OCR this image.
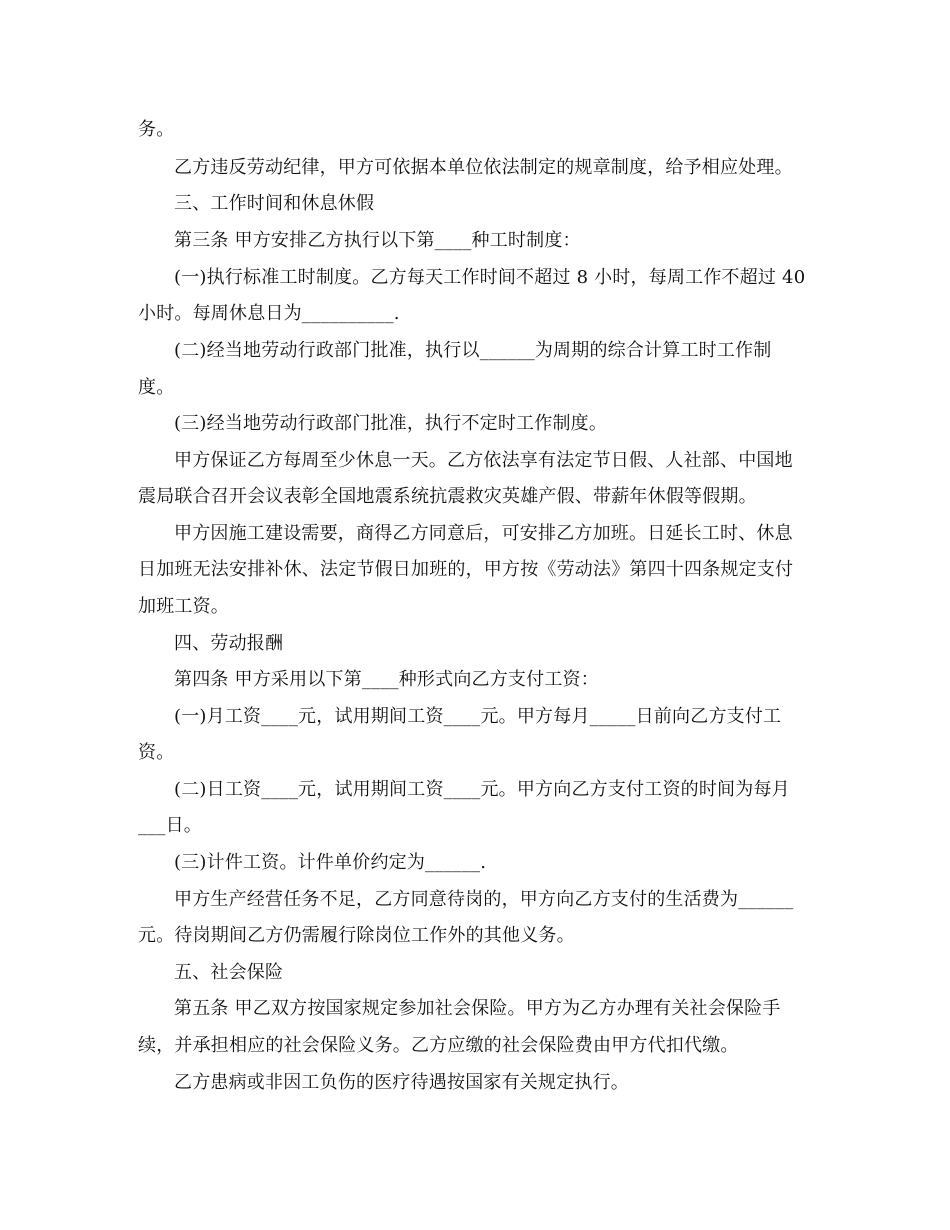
务。
乙方违反劳动纪律，甲方可依据本单位依法制定的规章制度，给予相应处理。
三、工作时间和休息休假
第三条 甲方安排乙方执行以下第____种工时制度：
(一)执行标准工时制度。乙方每天工作时间不超过 8 小时，每周工作不超过 40
小时。每周休息日为__________.
(二)经当地劳动行政部门批准，执行以______为周期的综合计算工时工作制
度。
(三)经当地劳动行政部门批准，执行不定时工作制度。
甲方保证乙方每周至少休息一天。乙方依法享有法定节日假、人社部、中国地
震局联合召开会议表彰全国地震系统抗震救灾英雄产假、带薪年休假等假期。
甲方因施工建设需要，商得乙方同意后，可安排乙方加班。日延长工时、休息
日加班无法安排补休、法定节假日加班的，甲方按《劳动法》第四十四条规定支付
加班工资。
四、劳动报酬
第四条 甲方采用以下第____种形式向乙方支付工资：
(一)月工资____元，试用期间工资____元。甲方每月_____日前向乙方支付工
资。
(二)日工资____元，试用期间工资____元。甲方向乙方支付工资的时间为每月
___日。
(三)计件工资。计件单价约定为______.
甲方生产经营任务不足，乙方同意待岗的，甲方向乙方支付的生活费为______
元。待岗期间乙方仍需履行除岗位工作外的其他义务。
五、社会保险
第五条 甲乙双方按国家规定参加社会保险。甲方为乙方办理有关社会保险手
续，并承担相应的社会保险义务。乙方应缴的社会保险费由甲方代扣代缴。
乙方患病或非因工负伤的医疗待遇按国家有关规定执行。
